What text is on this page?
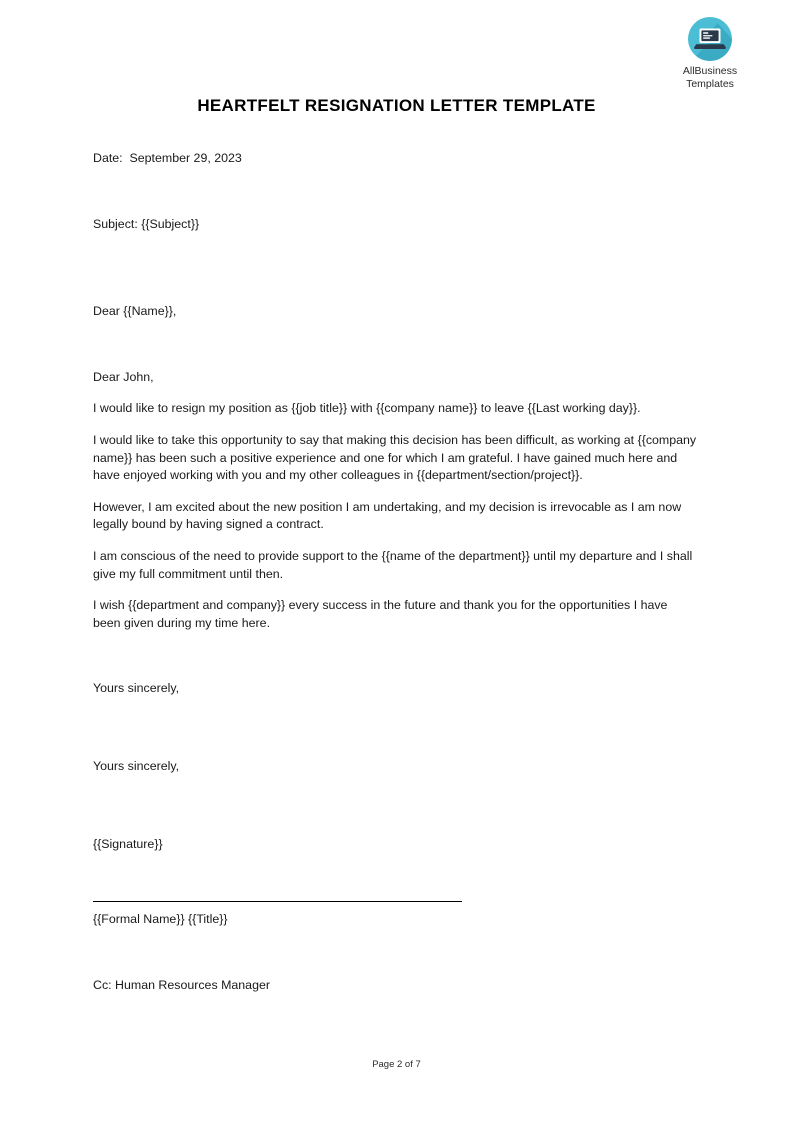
AllBusiness
Templates
HEARTFELT RESIGNATION LETTER TEMPLATE
Date:  September 29, 2023
Subject: {{Subject}}
Dear {{Name}},
Dear John,

I would like to resign my position as {{job title}} with {{company name}} to leave {{Last working day}}.

I would like to take this opportunity to say that making this decision has been difficult, as working at {{company name}} has been such a positive experience and one for which I am grateful. I have gained much here and have enjoyed working with you and my other colleagues in {{department/section/project}}.

However, I am excited about the new position I am undertaking, and my decision is irrevocable as I am now legally bound by having signed a contract.

I am conscious of the need to provide support to the {{name of the department}} until my departure and I shall give my full commitment until then.

I wish {{department and company}} every success in the future and thank you for the opportunities I have been given during my time here.

Yours sincerely,
Yours sincerely,
{{Signature}}
{{Formal Name}} {{Title}}
Cc: Human Resources Manager
Page 2 of 7
